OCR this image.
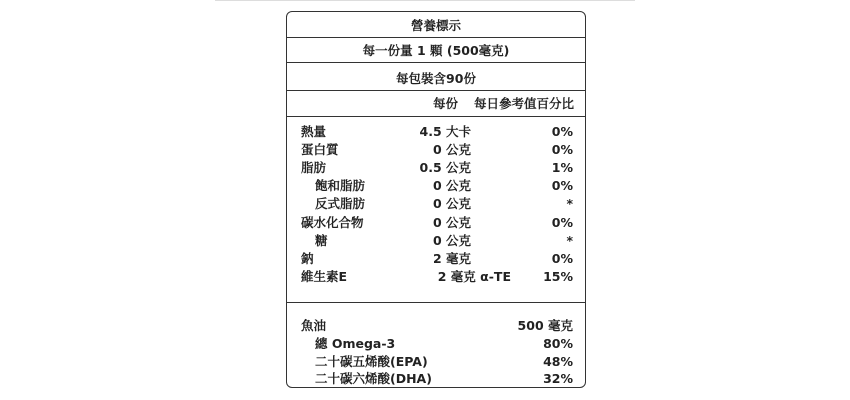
營養標示
每一份量 1 顆 (500毫克)
每包裝含90份
每份 每日參考值百分比
熱量	4.5 大卡	0%
蛋白質	0 公克	0%
脂肪	0.5 公克	1%
飽和脂肪	0 公克	0%
反式脂肪	0 公克	*
碳水化合物	0 公克	0%
糖	0 公克	*
鈉	2 毫克	0%
維生素E	2 毫克 α-TE	15%
魚油	500 毫克
總 Omega-3	80%
二十碳五烯酸(EPA)	48%
二十碳六烯酸(DHA)	32%
